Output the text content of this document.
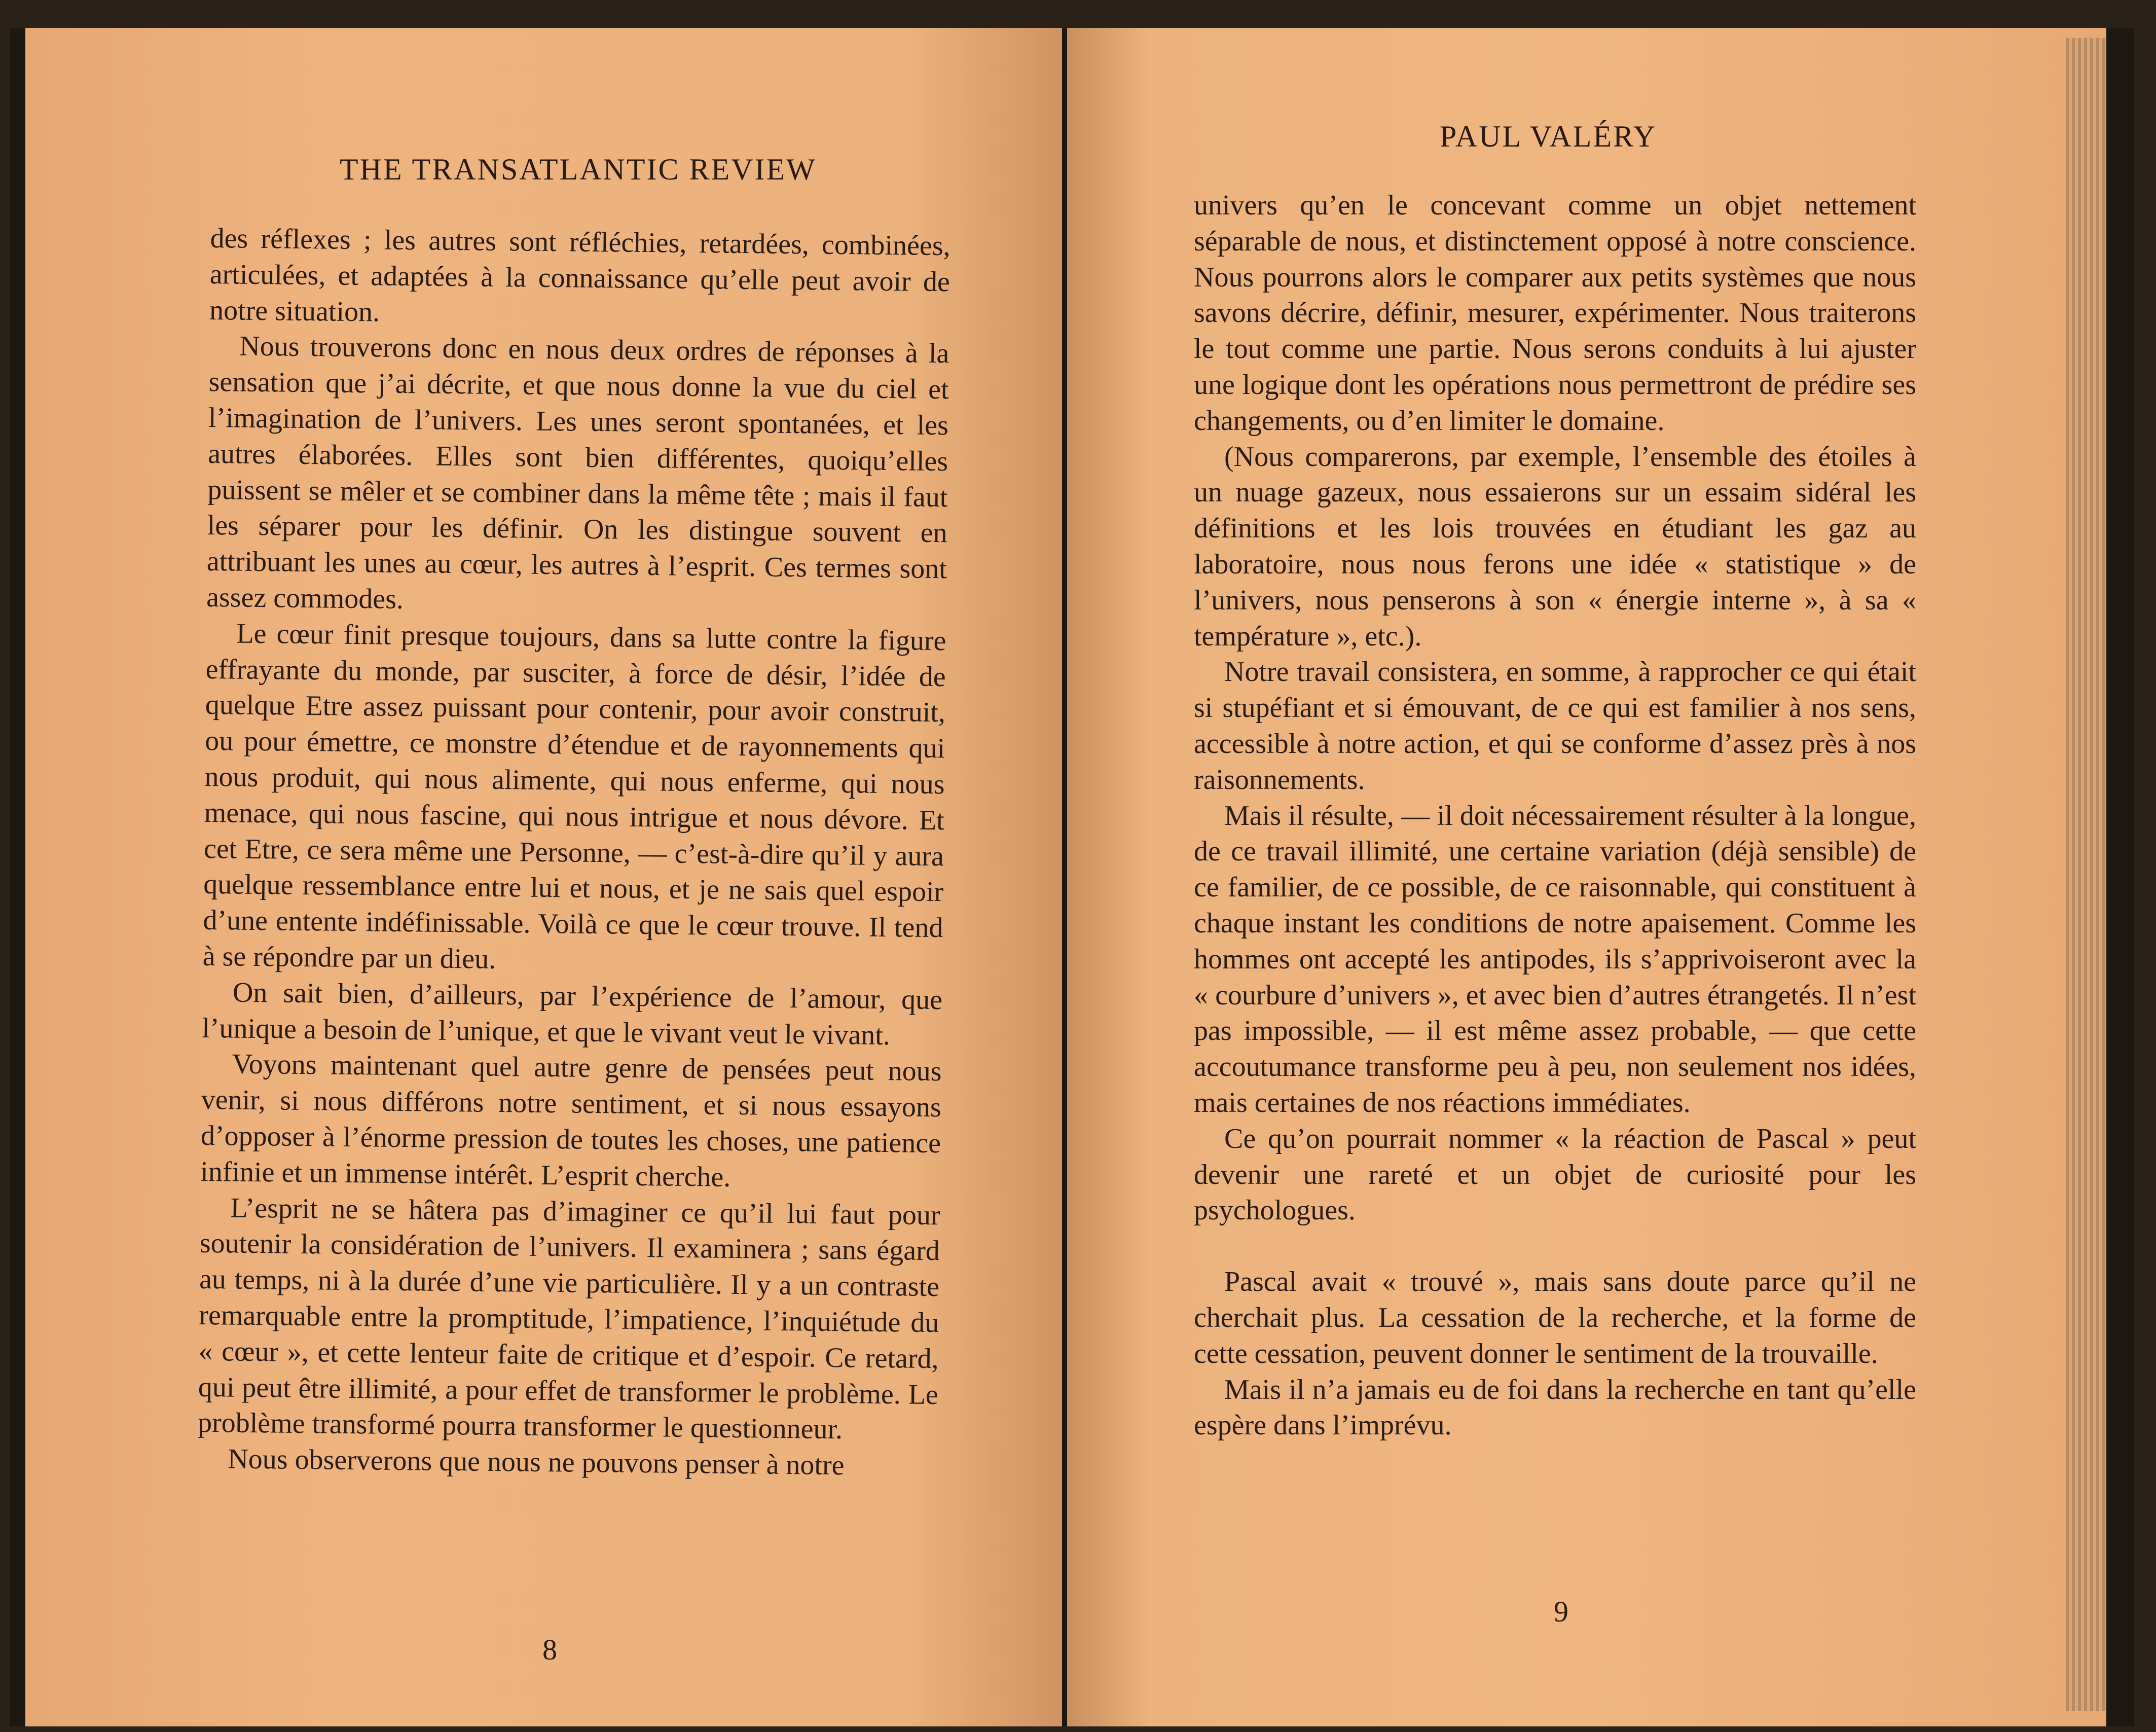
THE TRANSATLANTIC REVIEW

des réflexes ; les autres sont réfléchies, retardées, combinées, articulées, et adaptées à la connaissance qu’elle peut avoir de notre situation.

Nous trouverons donc en nous deux ordres de réponses à la sensation que j’ai décrite, et que nous donne la vue du ciel et l’imagination de l’univers. Les unes seront spontanées, et les autres élaborées. Elles sont bien différentes, quoiqu’elles puissent se mêler et se combiner dans la même tête ; mais il faut les séparer pour les définir. On les distingue souvent en attribuant les unes au cœur, les autres à l’esprit. Ces termes sont assez commodes.

Le cœur finit presque toujours, dans sa lutte contre la figure effrayante du monde, par susciter, à force de désir, l’idée de quelque Etre assez puissant pour contenir, pour avoir construit, ou pour émettre, ce monstre d’étendue et de rayonnements qui nous produit, qui nous alimente, qui nous enferme, qui nous menace, qui nous fascine, qui nous intrigue et nous dévore. Et cet Etre, ce sera même une Personne, — c’est-à-dire qu’il y aura quelque ressemblance entre lui et nous, et je ne sais quel espoir d’une entente indéfinissable. Voilà ce que le cœur trouve. Il tend à se répondre par un dieu.

On sait bien, d’ailleurs, par l’expérience de l’amour, que l’unique a besoin de l’unique, et que le vivant veut le vivant.

Voyons maintenant quel autre genre de pensées peut nous venir, si nous différons notre sentiment, et si nous essayons d’opposer à l’énorme pression de toutes les choses, une patience infinie et un immense intérêt. L’esprit cherche.

L’esprit ne se hâtera pas d’imaginer ce qu’il lui faut pour soutenir la considération de l’univers. Il examinera ; sans égard au temps, ni à la durée d’une vie particulière. Il y a un contraste remarquable entre la promptitude, l’impatience, l’inquiétude du « cœur », et cette lenteur faite de critique et d’espoir. Ce retard, qui peut être illimité, a pour effet de transformer le problème. Le problème transformé pourra transformer le questionneur.

Nous observerons que nous ne pouvons penser à notre

8
PAUL VALÉRY

univers qu’en le concevant comme un objet nettement séparable de nous, et distinctement opposé à notre conscience. Nous pourrons alors le comparer aux petits systèmes que nous savons décrire, définir, mesurer, expérimenter. Nous traiterons le tout comme une partie. Nous serons conduits à lui ajuster une logique dont les opérations nous permettront de prédire ses changements, ou d’en limiter le domaine.

(Nous comparerons, par exemple, l’ensemble des étoiles à un nuage gazeux, nous essaierons sur un essaim sidéral les définitions et les lois trouvées en étudiant les gaz au laboratoire, nous nous ferons une idée « statistique » de l’univers, nous penserons à son « énergie interne », à sa « température », etc.).

Notre travail consistera, en somme, à rapprocher ce qui était si stupéfiant et si émouvant, de ce qui est familier à nos sens, accessible à notre action, et qui se conforme d’assez près à nos raisonnements.

Mais il résulte, — il doit nécessairement résulter à la longue, de ce travail illimité, une certaine variation (déjà sensible) de ce familier, de ce possible, de ce raisonnable, qui constituent à chaque instant les conditions de notre apaisement. Comme les hommes ont accepté les antipodes, ils s’apprivoiseront avec la « courbure d’univers », et avec bien d’autres étrangetés. Il n’est pas impossible, — il est même assez probable, — que cette accoutumance transforme peu à peu, non seulement nos idées, mais certaines de nos réactions immédiates.

Ce qu’on pourrait nommer « la réaction de Pascal » peut devenir une rareté et un objet de curiosité pour les psychologues.

Pascal avait « trouvé », mais sans doute parce qu’il ne cherchait plus. La cessation de la recherche, et la forme de cette cessation, peuvent donner le sentiment de la trouvaille.

Mais il n’a jamais eu de foi dans la recherche en tant qu’elle espère dans l’imprévu.

9
